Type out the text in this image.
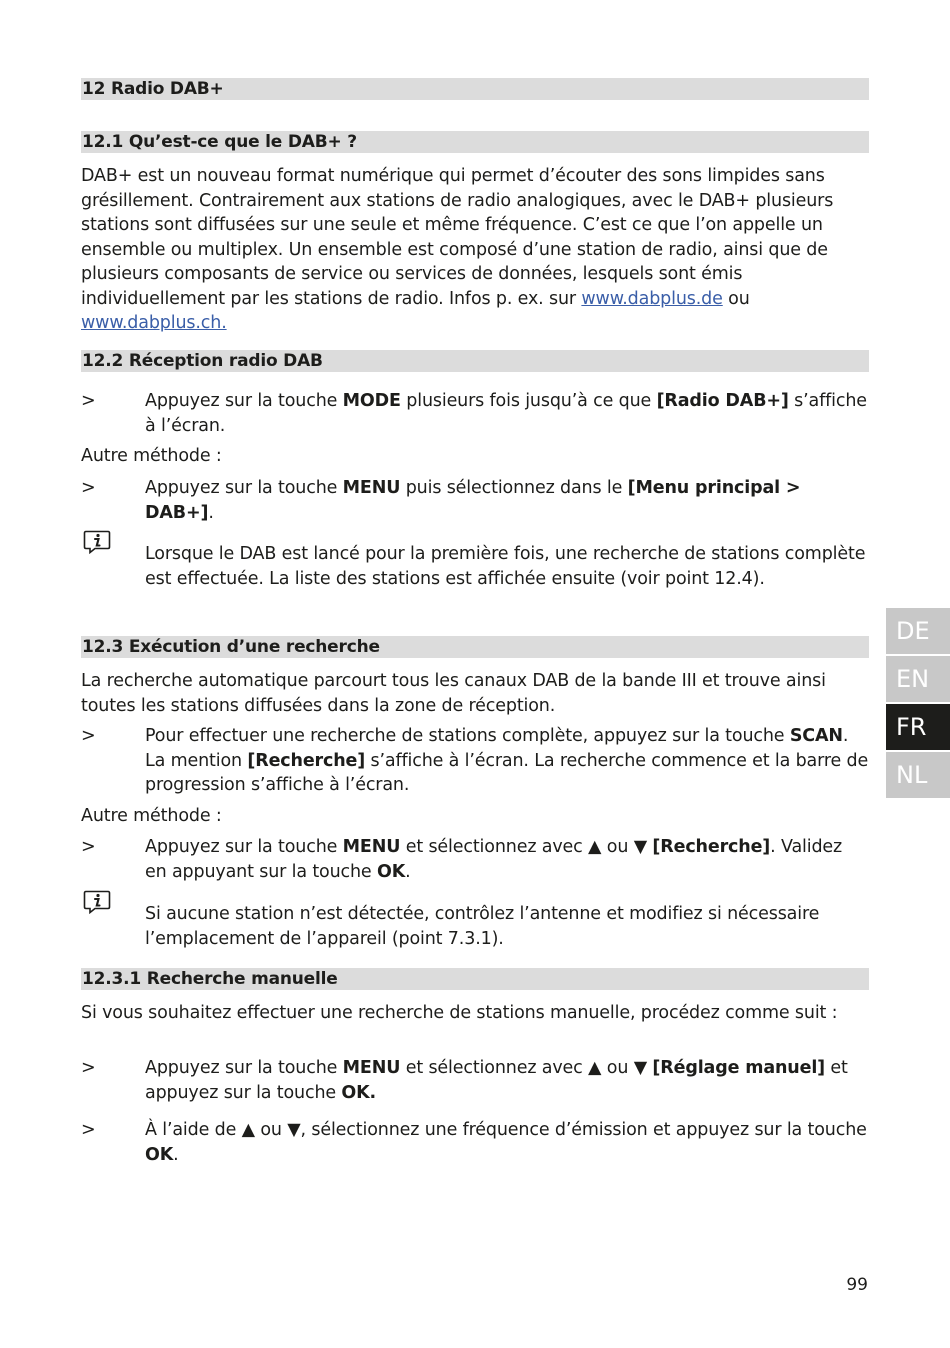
12 Radio DAB+
12.1 Qu’est-ce que le DAB+ ?
DAB+ est un nouveau format numérique qui permet d’écouter des sons limpides sans grésillement. Contrairement aux stations de radio analogiques, avec le DAB+ plusieurs stations sont diffusées sur une seule et même fréquence. C’est ce que l’on appelle un ensemble ou multiplex. Un ensemble est composé d’une station de radio, ainsi que de plusieurs composants de service ou services de données, lesquels sont émis individuellement par les stations de radio. Infos p. ex. sur www.dabplus.de ou www.dabplus.ch.
12.2 Réception radio DAB
>	Appuyez sur la touche MODE plusieurs fois jusqu’à ce que [Radio DAB+] s’affiche à l’écran.
Autre méthode :
>	Appuyez sur la touche MENU puis sélectionnez dans le [Menu principal > DAB+].
Lorsque le DAB est lancé pour la première fois, une recherche de stations complète est effectuée. La liste des stations est affichée ensuite (voir point 12.4).
12.3 Exécution d’une recherche
La recherche automatique parcourt tous les canaux DAB de la bande III et trouve ainsi toutes les stations diffusées dans la zone de réception.
>	Pour effectuer une recherche de stations complète, appuyez sur la touche SCAN. La mention [Recherche] s’affiche à l’écran. La recherche commence et la barre de progression s’affiche à l’écran.
Autre méthode :
>	Appuyez sur la touche MENU et sélectionnez avec ▲ ou ▼ [Recherche]. Validez en appuyant sur la touche OK.
Si aucune station n’est détectée, contrôlez l’antenne et modifiez si nécessaire l’emplacement de l’appareil (point 7.3.1).
12.3.1 Recherche manuelle
Si vous souhaitez effectuer une recherche de stations manuelle, procédez comme suit :
>	Appuyez sur la touche MENU et sélectionnez avec ▲ ou ▼ [Réglage manuel] et appuyez sur la touche OK.
>	À l’aide de ▲ ou ▼, sélectionnez une fréquence d’émission et appuyez sur la touche OK.
DE
EN
FR
NL
99
